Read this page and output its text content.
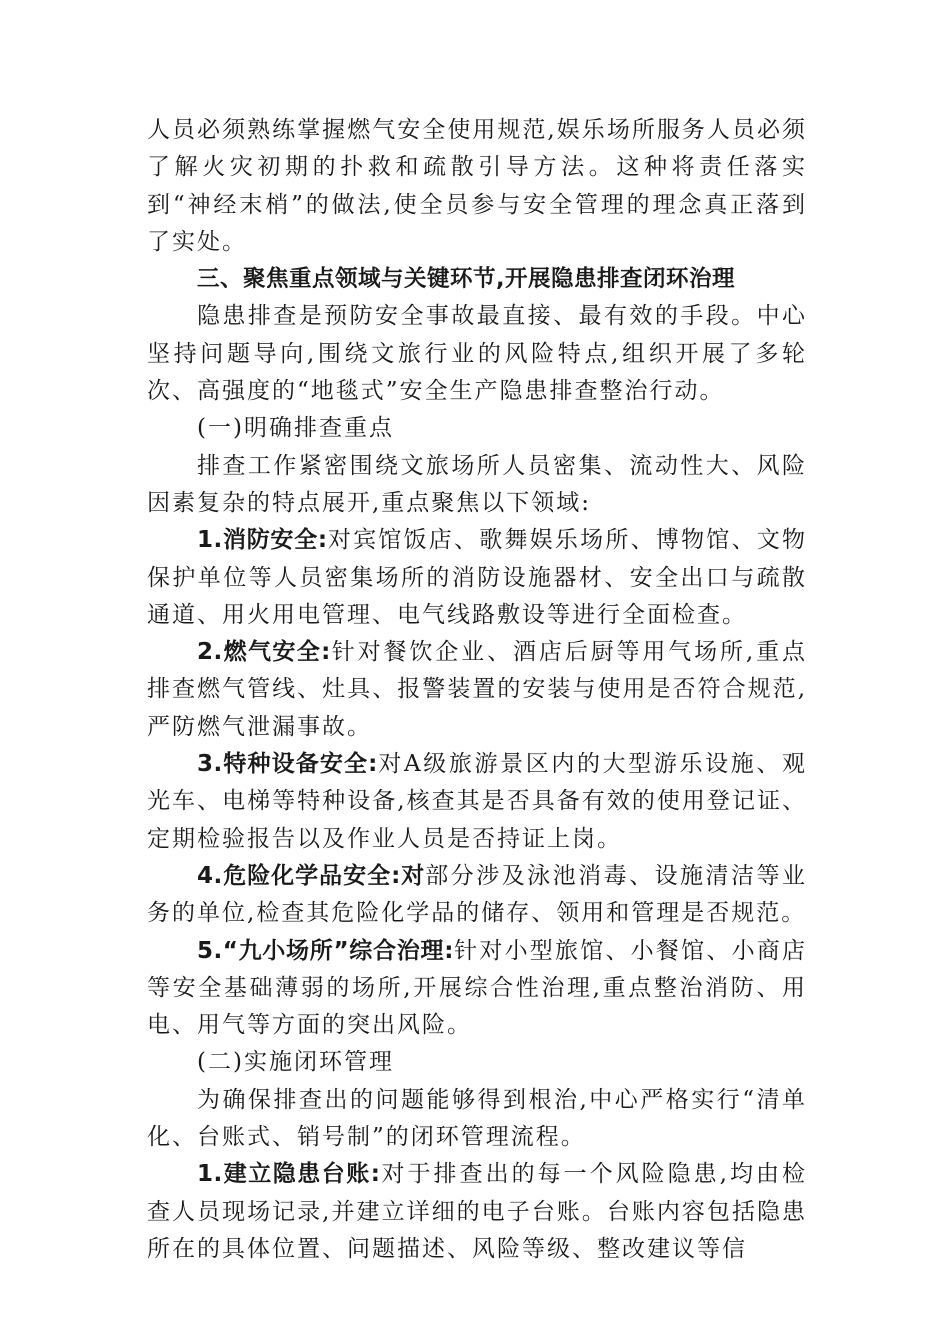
人员必须熟练掌握燃气安全使用规范,娱乐场所服务人员必须了解火灾初期的扑救和疏散引导方法。这种将责任落实到“神经末梢”的做法,使全员参与安全管理的理念真正落到了实处。

三、聚焦重点领域与关键环节,开展隐患排查闭环治理

隐患排查是预防安全事故最直接、最有效的手段。中心坚持问题导向,围绕文旅行业的风险特点,组织开展了多轮次、高强度的“地毯式”安全生产隐患排查整治行动。

(一)明确排查重点

排查工作紧密围绕文旅场所人员密集、流动性大、风险因素复杂的特点展开,重点聚焦以下领域:

1.消防安全:对宾馆饭店、歌舞娱乐场所、博物馆、文物保护单位等人员密集场所的消防设施器材、安全出口与疏散通道、用火用电管理、电气线路敷设等进行全面检查。

2.燃气安全:针对餐饮企业、酒店后厨等用气场所,重点排查燃气管线、灶具、报警装置的安装与使用是否符合规范,严防燃气泄漏事故。

3.特种设备安全:对A级旅游景区内的大型游乐设施、观光车、电梯等特种设备,核查其是否具备有效的使用登记证、定期检验报告以及作业人员是否持证上岗。

4.危险化学品安全:对部分涉及泳池消毒、设施清洁等业务的单位,检查其危险化学品的储存、领用和管理是否规范。

5.“九小场所”综合治理:针对小型旅馆、小餐馆、小商店等安全基础薄弱的场所,开展综合性治理,重点整治消防、用电、用气等方面的突出风险。

(二)实施闭环管理

为确保排查出的问题能够得到根治,中心严格实行“清单化、台账式、销号制”的闭环管理流程。

1.建立隐患台账:对于排查出的每一个风险隐患,均由检查人员现场记录,并建立详细的电子台账。台账内容包括隐患所在的具体位置、问题描述、风险等级、整改建议等信
